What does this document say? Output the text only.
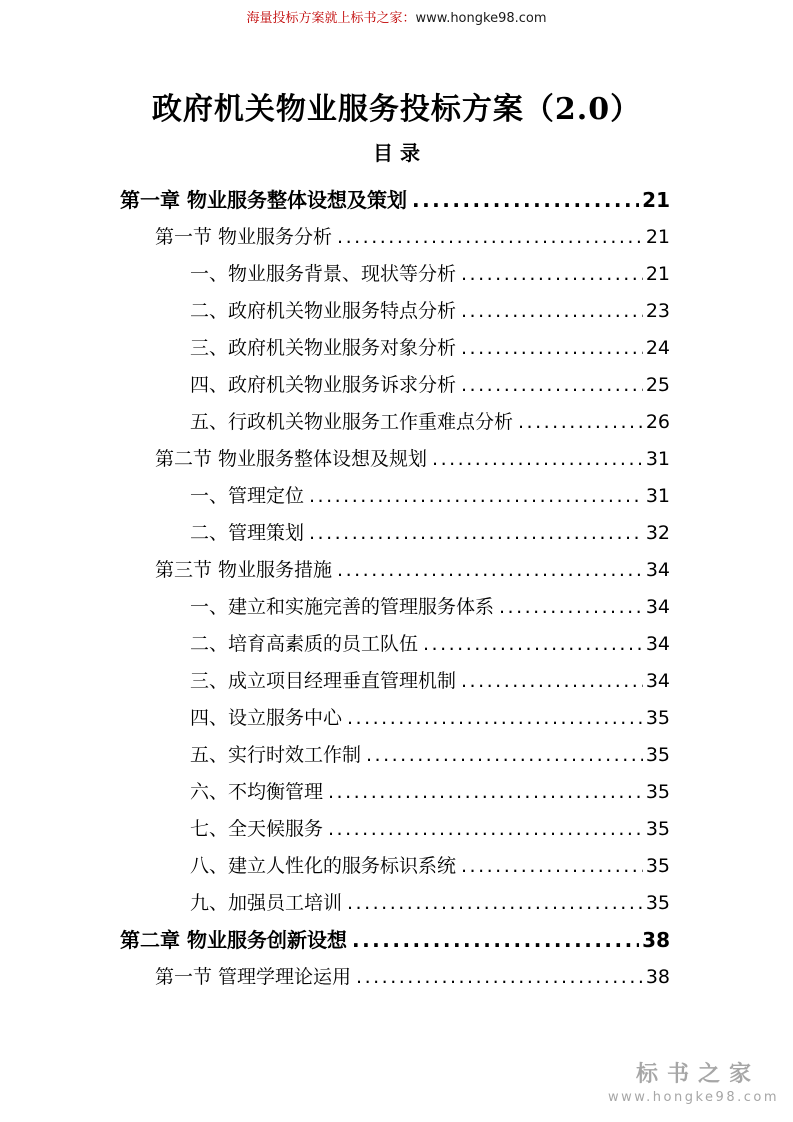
海量投标方案就上标书之家：www.hongke98.com
政府机关物业服务投标方案（2.0）
目 录
第一章 物业服务整体设想及策划 .....	21
第一节 物业服务分析 .....	21
一、物业服务背景、现状等分析 .....	21
二、政府机关物业服务特点分析 .....	23
三、政府机关物业服务对象分析 .....	24
四、政府机关物业服务诉求分析 .....	25
五、行政机关物业服务工作重难点分析 .....	26
第二节 物业服务整体设想及规划 .....	31
一、管理定位 .....	31
二、管理策划 .....	32
第三节 物业服务措施 .....	34
一、建立和实施完善的管理服务体系 .....	34
二、培育高素质的员工队伍 .....	34
三、成立项目经理垂直管理机制 .....	34
四、设立服务中心 .....	35
五、实行时效工作制 .....	35
六、不均衡管理 .....	35
七、全天候服务 .....	35
八、建立人性化的服务标识系统 .....	35
九、加强员工培训 .....	35
第二章 物业服务创新设想 .....	38
第一节 管理学理论运用 .....	38
标书之家
www.hongke98.com
